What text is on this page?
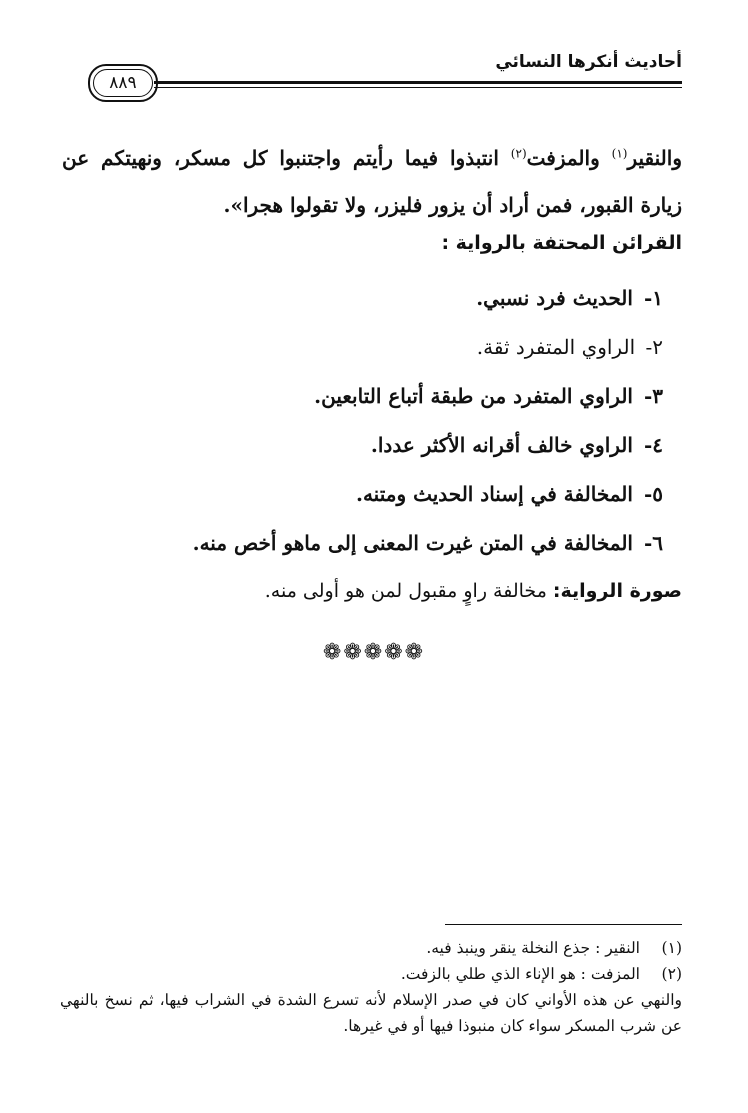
أحاديث أنكرها النسائي
٨٨٩
والنقير$^{(١)}$ والمزفت$^{(٢)}$ انتبذوا فيما رأيتم واجتنبوا كل مسكر، ونهيتكم عن زيارة القبور، فمن أراد أن يزور فليزر، ولا تقولوا هجرا».
القرائن المحتفة بالرواية :
١- الحديث فرد نسبي.
٢- الراوي المتفرد ثقة.
٣- الراوي المتفرد من طبقة أتباع التابعين.
٤- الراوي خالف أقرانه الأكثر عددا.
٥- المخالفة في إسناد الحديث ومتنه.
٦- المخالفة في المتن غيرت المعنى إلى ماهو أخص منه.
صورة الرواية: مخالفة راوٍ مقبول لمن هو أولى منه.
❁❁❁❁❁
(١)
النقير : جذع النخلة ينقر وينبذ فيه.
(٢)
المزفت : هو الإناء الذي طلي بالزفت.
والنهي عن هذه الأواني كان في صدر الإسلام لأنه تسرع الشدة في الشراب فيها، ثم نسخ بالنهي عن شرب المسكر سواء كان منبوذا فيها أو في غيرها.
